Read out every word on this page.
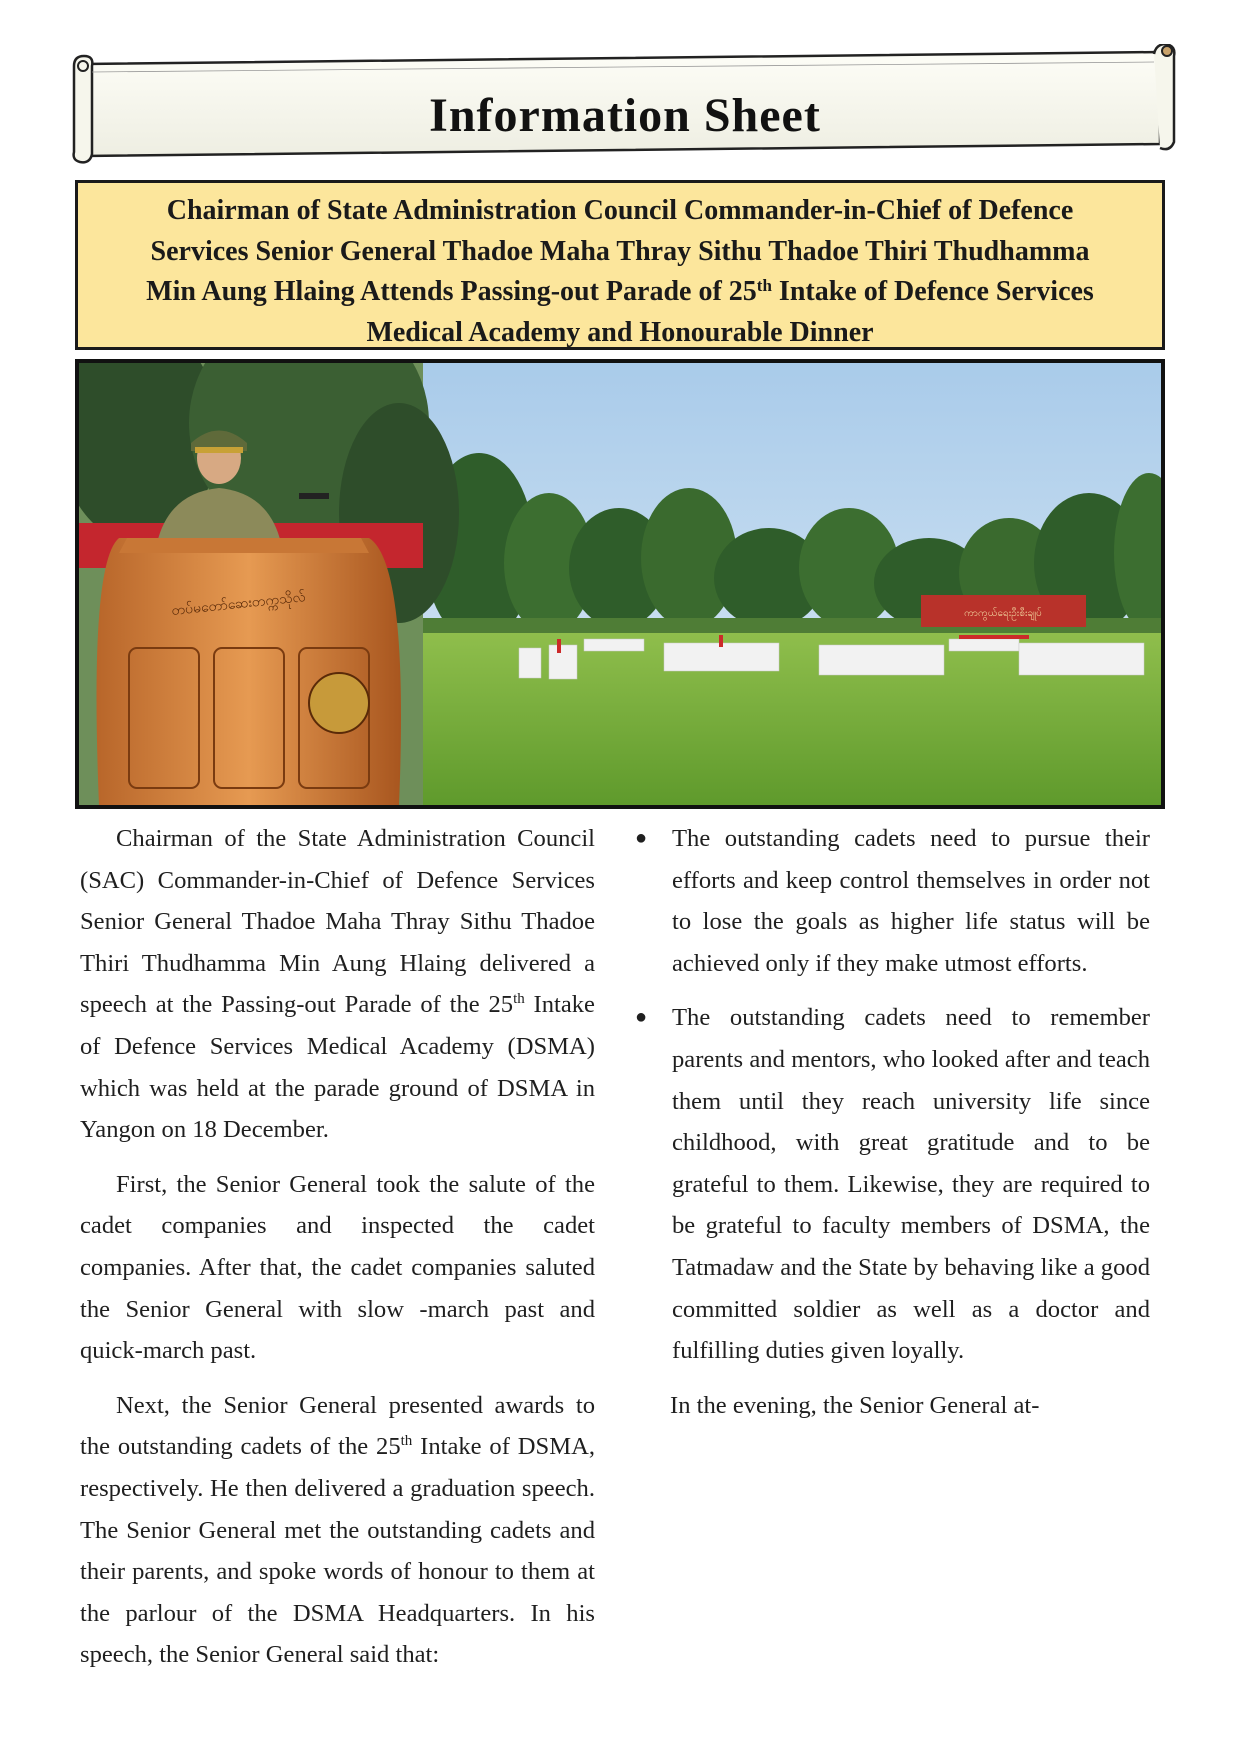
Information Sheet
Chairman of State Administration Council Commander-in-Chief of Defence
Services Senior General Thadoe Maha Thray Sithu Thadoe Thiri Thudhamma
Min Aung Hlaing Attends Passing-out Parade of 25th Intake of Defence Services
Medical Academy and Honourable Dinner
ကာကွယ်ရေးဦးစီးချုပ်
တပ်မတော်ဆေးတက္ကသိုလ်

Chairman of the State Administration Council (SAC) Commander-in-Chief of Defence Services Senior General Thadoe Maha Thray Sithu Thadoe Thiri Thudhamma Min Aung Hlaing delivered a speech at the Passing-out Parade of the 25th Intake of Defence Services Medical Academy (DSMA) which was held at the parade ground of DSMA in Yangon on 18 December.

First, the Senior General took the salute of the cadet companies and inspected the cadet companies. After that, the cadet companies saluted the Senior General with slow -march past and quick-march past.

Next, the Senior General presented awards to the outstanding cadets of the 25th Intake of DSMA, respectively. He then delivered a graduation speech. The Senior General met the outstanding cadets and their parents, and spoke words of honour to them at the parlour of the DSMA Headquarters. In his speech, the Senior General said that:

● The outstanding cadets need to pursue their efforts and keep control themselves in order not to lose the goals as higher life status will be achieved only if they make utmost efforts.
● The outstanding cadets need to remember parents and mentors, who looked after and teach them until they reach university life since childhood, with great gratitude and to be grateful to them. Likewise, they are required to be grateful to faculty members of DSMA, the Tatmadaw and the State by behaving like a good committed soldier as well as a doctor and fulfilling duties given loyally.

In the evening, the Senior General at-
